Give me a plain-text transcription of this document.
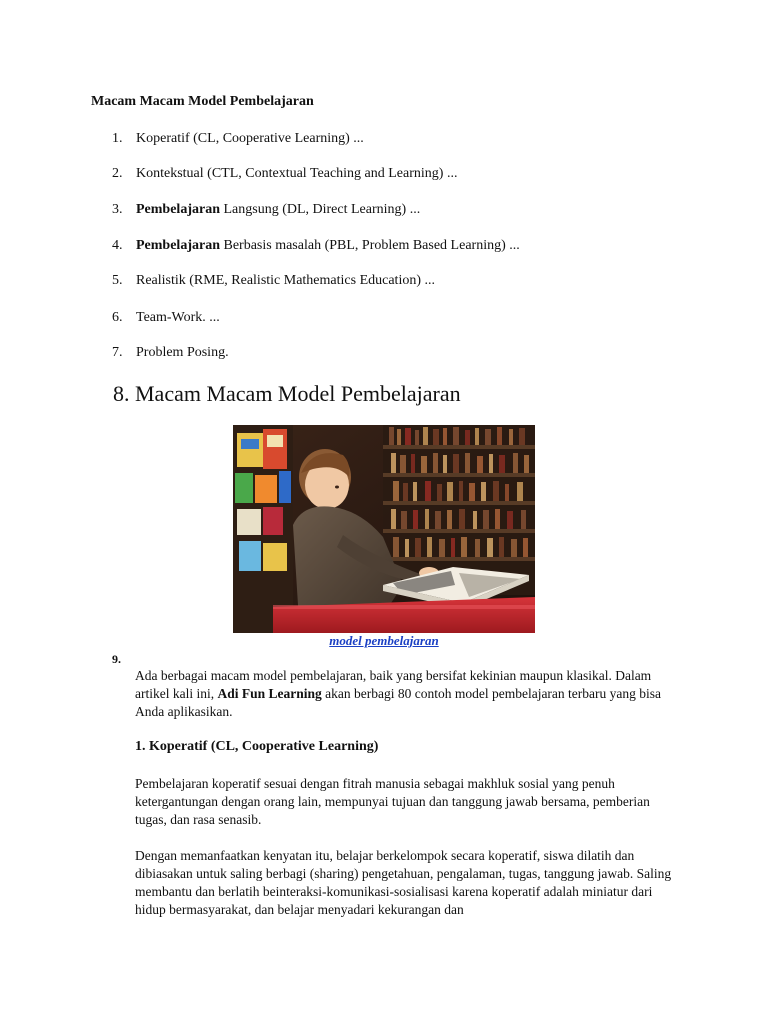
Macam Macam Model Pembelajaran
1. Koperatif (CL, Cooperative Learning) ...
2. Kontekstual (CTL, Contextual Teaching and Learning) ...
3. Pembelajaran Langsung (DL, Direct Learning) ...
4. Pembelajaran Berbasis masalah (PBL, Problem Based Learning) ...
5. Realistik (RME, Realistic Mathematics Education) ...
6. Team-Work. ...
7. Problem Posing.
8. Macam Macam Model Pembelajaran
model pembelajaran
9.

Ada berbagai macam model pembelajaran, baik yang bersifat kekinian maupun klasikal. Dalam artikel kali ini, Adi Fun Learning akan berbagi 80 contoh model pembelajaran terbaru yang bisa Anda aplikasikan.

1. Koperatif (CL, Cooperative Learning)

Pembelajaran koperatif sesuai dengan fitrah manusia sebagai makhluk sosial yang penuh ketergantungan dengan orang lain, mempunyai tujuan dan tanggung jawab bersama, pemberian tugas, dan rasa senasib.

Dengan memanfaatkan kenyatan itu, belajar berkelompok secara koperatif, siswa dilatih dan dibiasakan untuk saling berbagi (sharing) pengetahuan, pengalaman, tugas, tanggung jawab. Saling membantu dan berlatih beinteraksi-komunikasi-sosialisasi karena koperatif adalah miniatur dari hidup bermasyarakat, dan belajar menyadari kekurangan dan
